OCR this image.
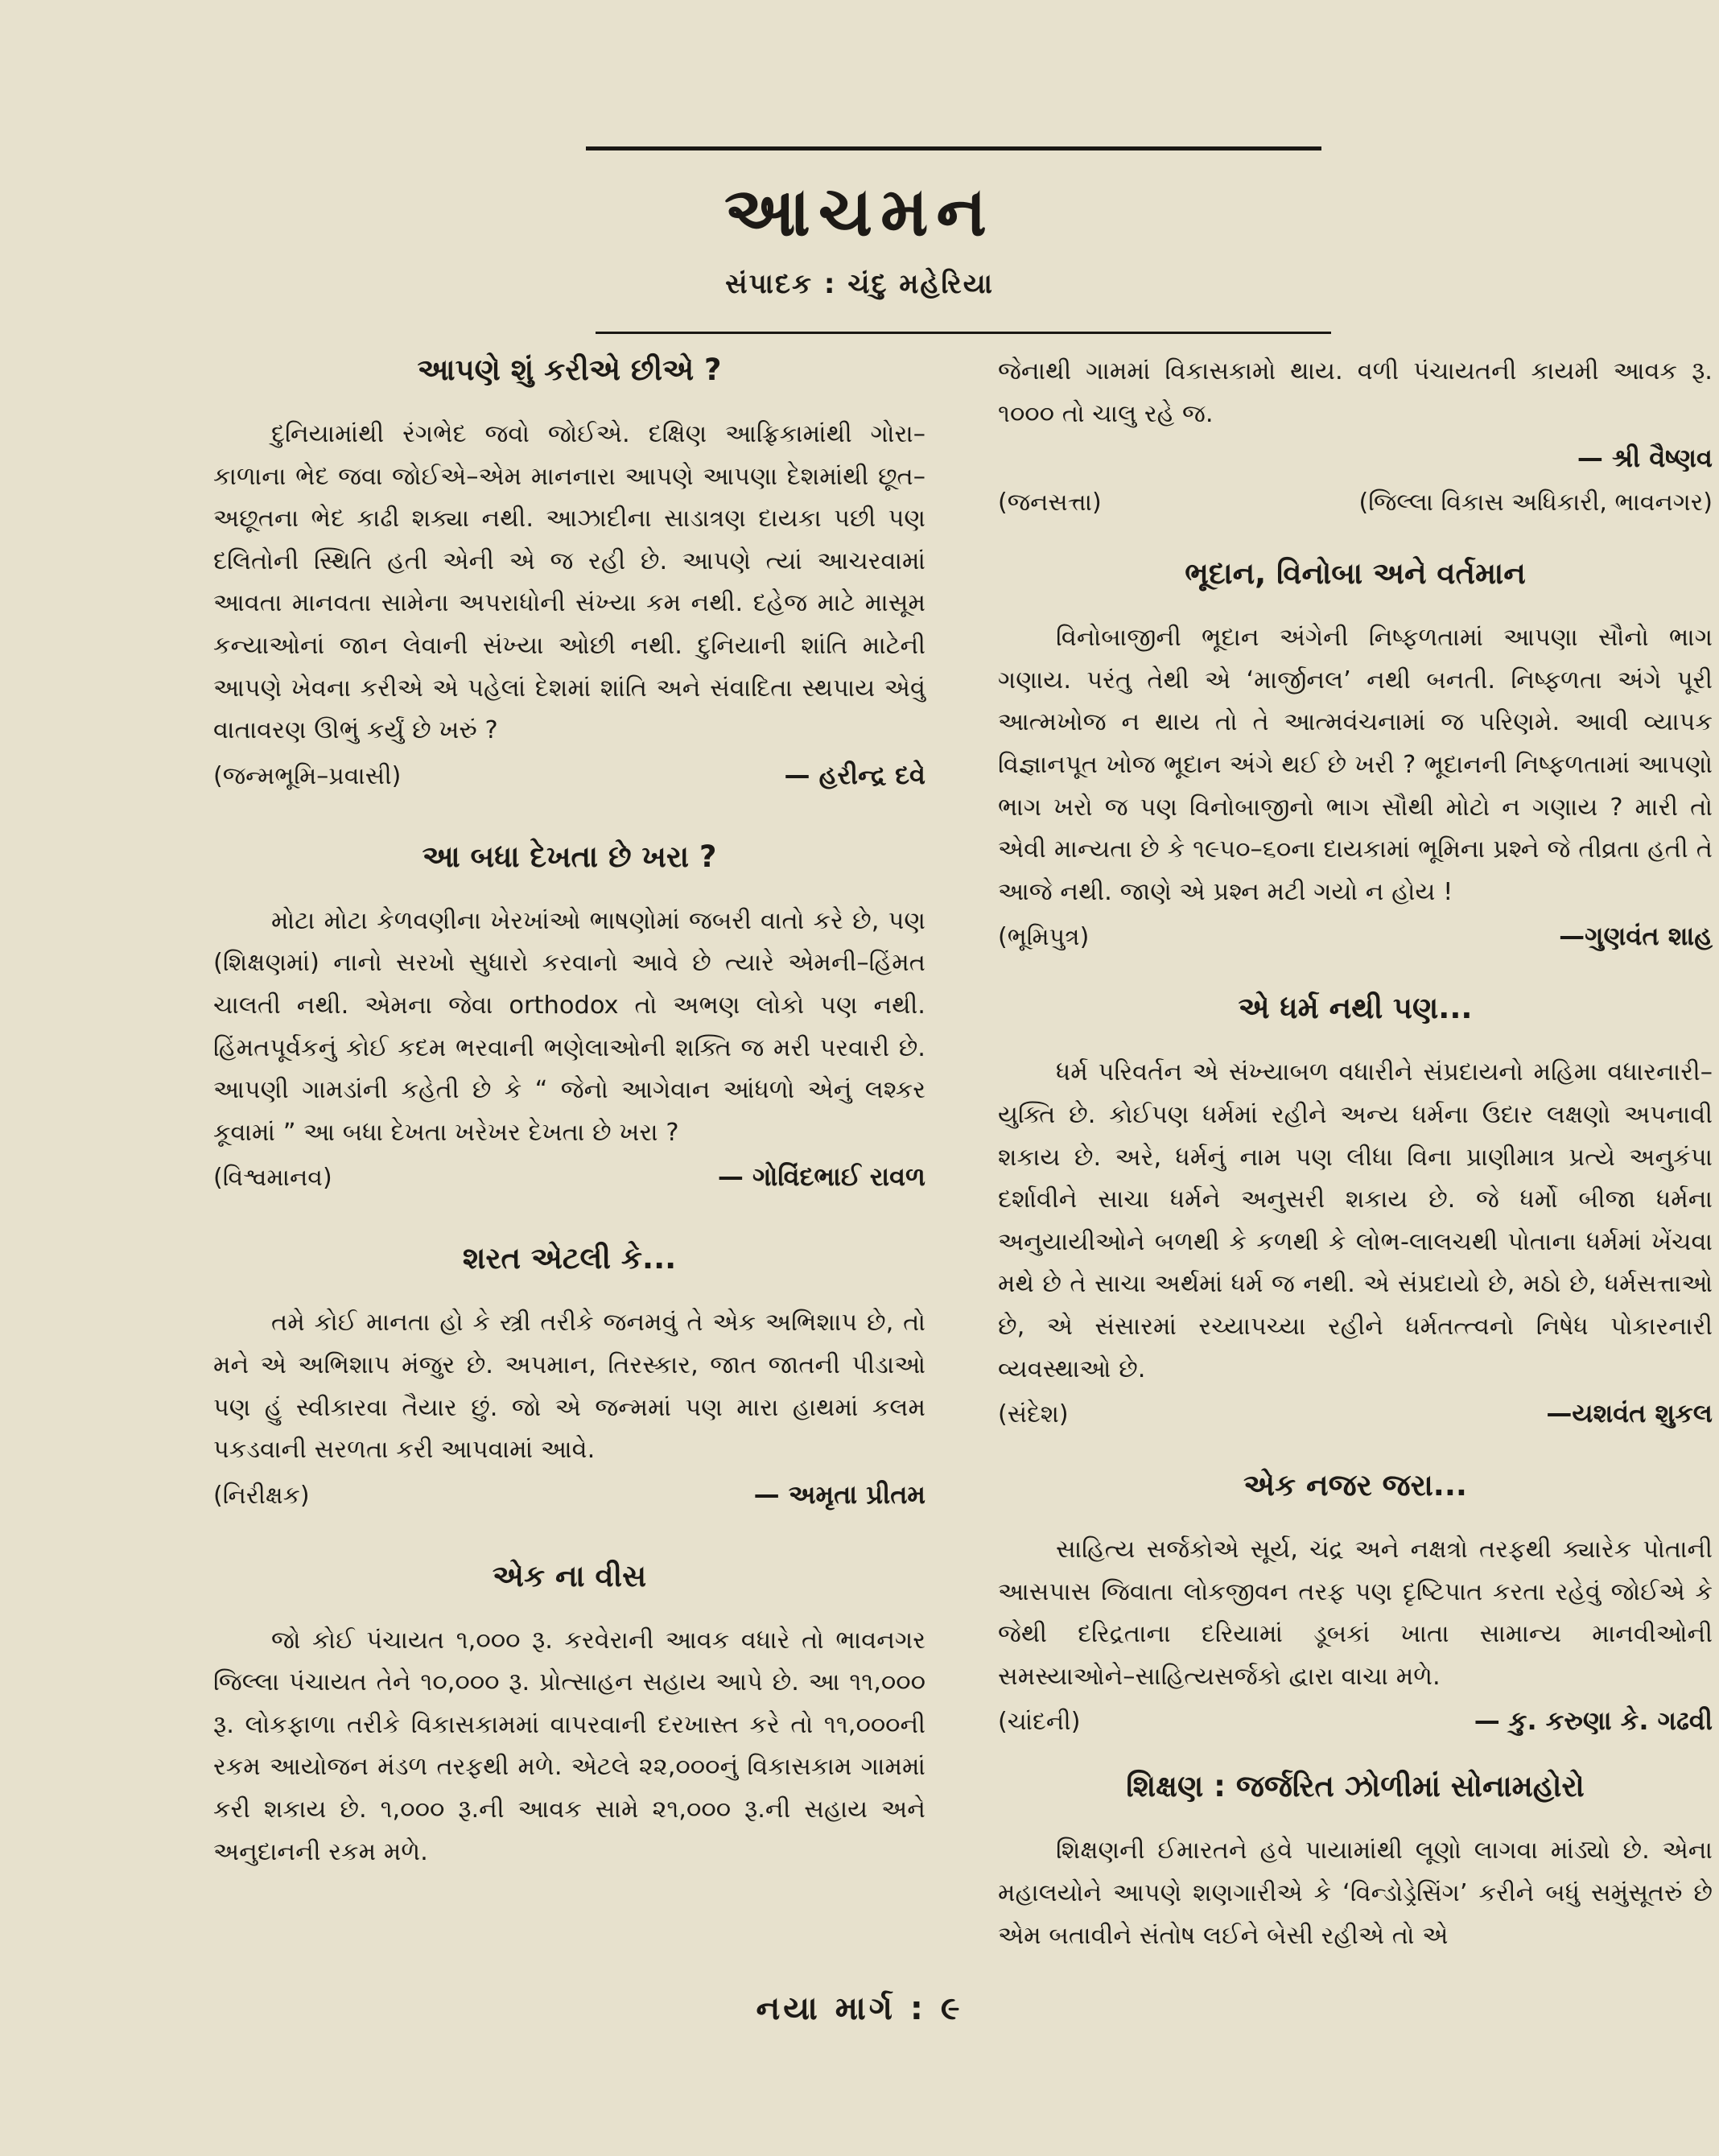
આચમન
સંપાદક : ચંદુ મહેરિયા
આપણે શું કરીએ છીએ ?

દુનિયામાંથી રંગભેદ જવો જોઈએ. દક્ષિણ આફ્રિકામાંથી ગોરા–કાળાના ભેદ જવા જોઈએ–એમ માનનારા આપણે આપણા દેશમાંથી છૂત–અછૂતના ભેદ કાઢી શક્યા નથી. આઝાદીના સાડાત્રણ દાયકા પછી પણ દલિતોની સ્થિતિ હતી એની એ જ રહી છે. આપણે ત્યાં આચરવામાં આવતા માનવતા સામેના અપરાધોની સંખ્યા કમ નથી. દહેજ માટે માસૂમ કન્યાઓનાં જાન લેવાની સંખ્યા ઓછી નથી. દુનિયાની શાંતિ માટેની આપણે ખેવના કરીએ એ પહેલાં દેશમાં શાંતિ અને સંવાદિતા સ્થપાય એવું વાતાવરણ ઊભું કર્યું છે ખરું ?

(જન્મભૂમિ–પ્રવાસી)	— હરીન્દ્ર દવે
આ બધા દેખતા છે ખરા ?

મોટા મોટા કેળવણીના ખેરખાંઓ ભાષણોમાં જબરી વાતો કરે છે, પણ (શિક્ષણમાં) નાનો સરખો સુધારો કરવાનો આવે છે ત્યારે એમની–હિંમત ચાલતી નથી. એમના જેવા orthodox તો અભણ લોકો પણ નથી. હિંમતપૂર્વકનું કોઈ કદમ ભરવાની ભણેલાઓની શક્તિ જ મરી પરવારી છે. આપણી ગામડાંની કહેતી છે કે “ જેનો આગેવાન આંધળો એનું લશ્કર કૂવામાં ” આ બધા દેખતા ખરેખર દેખતા છે ખરા ?

(વિશ્વમાનવ)	— ગોવિંદભાઈ રાવળ
શરત એટલી કે...

તમે કોઈ માનતા હો કે સ્ત્રી તરીકે જનમવું તે એક અભિશાપ છે, તો મને એ અભિશાપ મંજુર છે. અપમાન, તિરસ્કાર, જાત જાતની પીડાઓ પણ હું સ્વીકારવા તૈયાર છું. જો એ જન્મમાં પણ મારા હાથમાં કલમ પકડવાની સરળતા કરી આપવામાં આવે.

(નિરીક્ષક)	— અમૃતા પ્રીતમ
એક ના વીસ

જો કોઈ પંચાયત ૧,૦૦૦ રૂ. કરવેરાની આવક વધારે તો ભાવનગર જિલ્લા પંચાયત તેને ૧૦,૦૦૦ રૂ. પ્રોત્સાહન સહાય આપે છે. આ ૧૧,૦૦૦ રૂ. લોકફાળા તરીકે વિકાસકામમાં વાપરવાની દરખાસ્ત કરે તો ૧૧,૦૦૦ની રકમ આયોજન મંડળ તરફથી મળે. એટલે ૨૨,૦૦૦નું વિકાસકામ ગામમાં કરી શકાય છે. ૧,૦૦૦ રૂ.ની આવક સામે ૨૧,૦૦૦ રૂ.ની સહાય અને અનુદાનની રકમ મળે.

જેનાથી ગામમાં વિકાસકામો થાય. વળી પંચાયતની કાયમી આવક રૂ. ૧૦૦૦ તો ચાલુ રહે જ.

— શ્રી વૈષ્ણવ
(જનસત્તા)	(જિલ્લા વિકાસ અધિકારી, ભાવનગર)
ભૂદાન, વિનોબા અને વર્તમાન

વિનોબાજીની ભૂદાન અંગેની નિષ્ફળતામાં આપણા સૌનો ભાગ ગણાય. પરંતુ તેથી એ ‘માર્જીનલ’ નથી બનતી. નિષ્ફળતા અંગે પૂરી આત્મખોજ ન થાય તો તે આત્મવંચનામાં જ પરિણમે. આવી વ્યાપક વિજ્ઞાનપૂત ખોજ ભૂદાન અંગે થઈ છે ખરી ? ભૂદાનની નિષ્ફળતામાં આપણો ભાગ ખરો જ પણ વિનોબાજીનો ભાગ સૌથી મોટો ન ગણાય ? મારી તો એવી માન્યતા છે કે ૧૯૫૦–૬૦ના દાયકામાં ભૂમિના પ્રશ્ને જે તીવ્રતા હતી તે આજે નથી. જાણે એ પ્રશ્ન મટી ગયો ન હોય !

(ભૂમિપુત્ર)	—ગુણવંત શાહ
એ ધર્મ નથી પણ...

ધર્મ પરિવર્તન એ સંખ્યાબળ વધારીને સંપ્રદાયનો મહિમા વધારનારી–યુક્તિ છે. કોઈપણ ધર્મમાં રહીને અન્ય ધર્મના ઉદાર લક્ષણો અપનાવી શકાય છે. અરે, ધર્મનું નામ પણ લીધા વિના પ્રાણીમાત્ર પ્રત્યે અનુકંપા દર્શાવીને સાચા ધર્મને અનુસરી શકાય છે. જે ધર્મો બીજા ધર્મના અનુયાયીઓને બળથી કે કળથી કે લોભ-લાલચથી પોતાના ધર્મમાં ખેંચવા મથે છે તે સાચા અર્થમાં ધર્મ જ નથી. એ સંપ્રદાયો છે, મઠો છે, ધર્મસત્તાઓ છે, એ સંસારમાં રચ્યાપચ્યા રહીને ધર્મતત્ત્વનો નિષેધ પોકારનારી વ્યવસ્થાઓ છે.

(સંદેશ)	—યશવંત શુકલ
એક નજર જરા...

સાહિત્ય સર્જકોએ સૂર્ય, ચંદ્ર અને નક્ષત્રો તરફથી ક્યારેક પોતાની આસપાસ જિવાતા લોકજીવન તરફ પણ દૃષ્ટિપાત કરતા રહેવું જોઈએ કે જેથી દરિદ્રતાના દરિયામાં ડૂબકાં ખાતા સામાન્ય માનવીઓની સમસ્યાઓને–સાહિત્યસર્જકો દ્વારા વાચા મળે.

(ચાંદની)	— કુ. કરુણા કે. ગઢવી
શિક્ષણ : જર્જરિત ઝોળીમાં સોનામહોરો

શિક્ષણની ઈમારતને હવે પાયામાંથી લૂણો લાગવા માંડ્યો છે. એના મહાલયોને આપણે શણગારીએ કે ‘વિન્ડોડ્રેસિંગ’ કરીને બધું સમુંસૂતરું છે એમ બતાવીને સંતોષ લઈને બેસી રહીએ તો એ

નયા માર્ગ : ૯
